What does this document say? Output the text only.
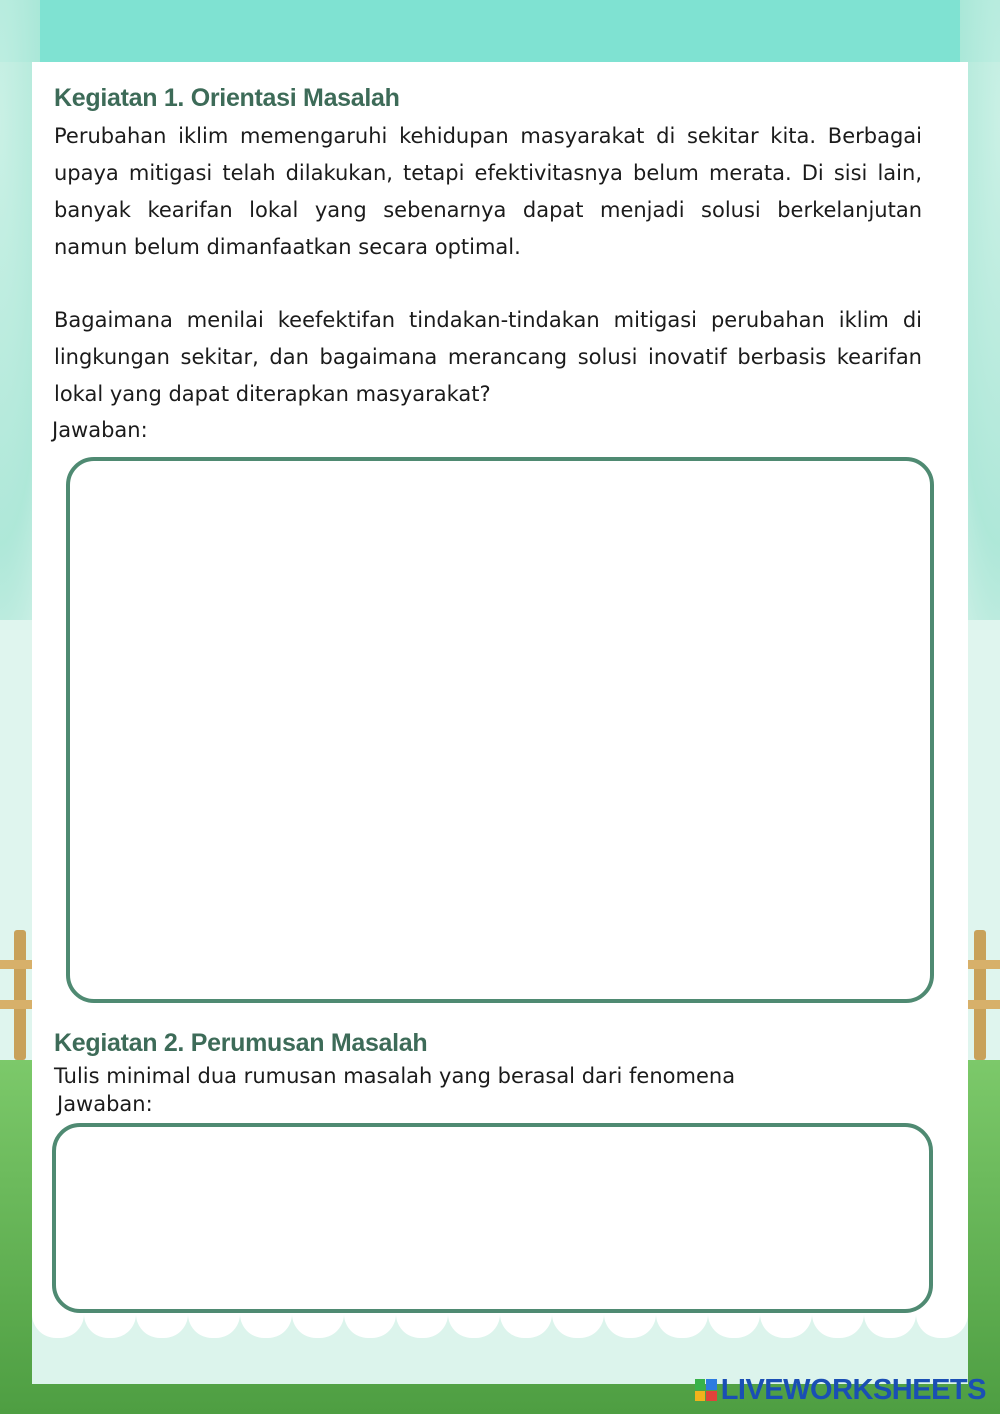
Kegiatan 1. Orientasi Masalah

Perubahan iklim memengaruhi kehidupan masyarakat di sekitar kita. Berbagai upaya mitigasi telah dilakukan, tetapi efektivitasnya belum merata. Di sisi lain, banyak kearifan lokal yang sebenarnya dapat menjadi solusi berkelanjutan namun belum dimanfaatkan secara optimal.

Bagaimana menilai keefektifan tindakan-tindakan mitigasi perubahan iklim di lingkungan sekitar, dan bagaimana merancang solusi inovatif berbasis kearifan lokal yang dapat diterapkan masyarakat?

Jawaban:

Kegiatan 2. Perumusan Masalah

Tulis minimal dua rumusan masalah yang berasal dari fenomena

Jawaban:

LIVEWORKSHEETS
